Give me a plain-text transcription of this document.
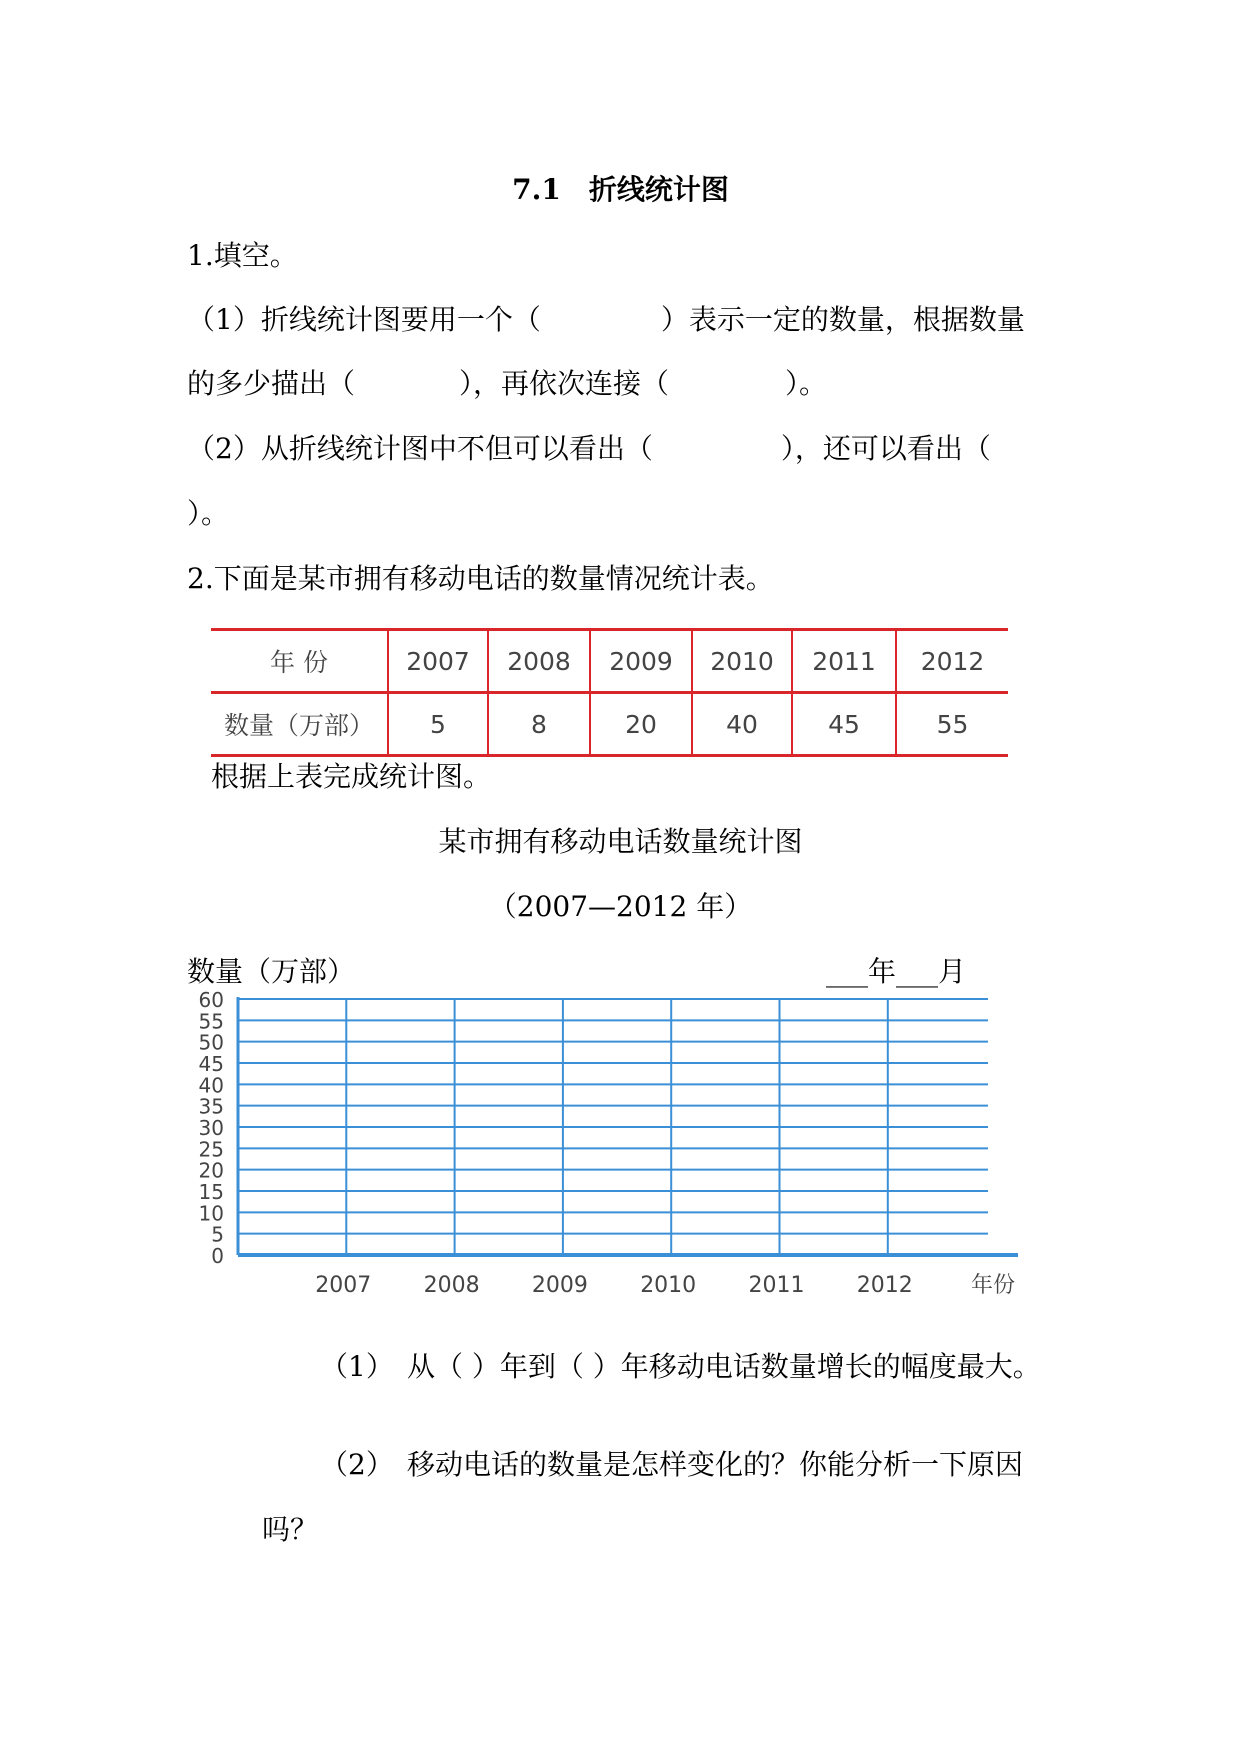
7.1　折线统计图
1.填空。
（1）折线统计图要用一个（	）表示一定的数量，根据数量
的多少描出（	），再依次连接（	）。
（2）从折线统计图中不但可以看出（	），还可以看出（
）。
2.下面是某市拥有移动电话的数量情况统计表。
年 份	2007	2008	2009	2010	2011	2012
数量（万部）	5	8	20	40	45	55
根据上表完成统计图。
某市拥有移动电话数量统计图
（2007—2012 年）
数量（万部）	___年___月
0
5
10
15
20
25
30
35
40
45
50
55
60
2007 2008 2009 2010 2011 2012	年份
（1） 从（ ）年到（ ）年移动电话数量增长的幅度最大。
（2） 移动电话的数量是怎样变化的？你能分析一下原因
吗？
